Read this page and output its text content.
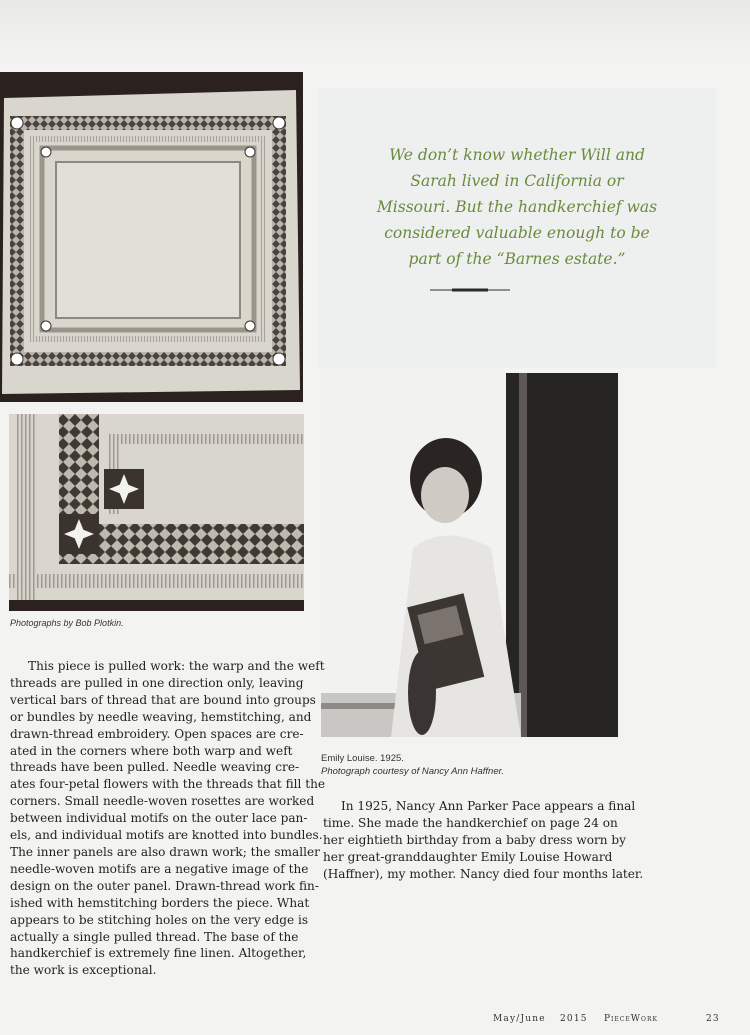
Photographs by Bob Plotkin.
We don’t know whether Will and
Sarah lived in California or
Missouri. But the handkerchief was
considered valuable enough to be
part of the “Barnes estate.”
Emily Louise. 1925.
Photograph courtesy of Nancy Ann Haffner.
This piece is pulled work: the warp and the weft
threads are pulled in one direction only, leaving
vertical bars of thread that are bound into groups
or bundles by needle weaving, hemstitching, and
drawn-thread embroidery. Open spaces are cre-
ated in the corners where both warp and weft
threads have been pulled. Needle weaving cre-
ates four-petal flowers with the threads that fill the
corners. Small needle-woven rosettes are worked
between individual motifs on the outer lace pan-
els, and individual motifs are knotted into bundles.
The inner panels are also drawn work; the smaller
needle-woven motifs are a negative image of the
design on the outer panel. Drawn-thread work fin-
ished with hemstitching borders the piece. What
appears to be stitching holes on the very edge is
actually a single pulled thread. The base of the
handkerchief is extremely fine linen. Altogether,
the work is exceptional.
In 1925, Nancy Ann Parker Pace appears a final
time. She made the handkerchief on page 24 on
her eightieth birthday from a baby dress worn by
her great-granddaughter Emily Louise Howard
(Haffner), my mother. Nancy died four months later.
May/June 2015 PieceWork	23
